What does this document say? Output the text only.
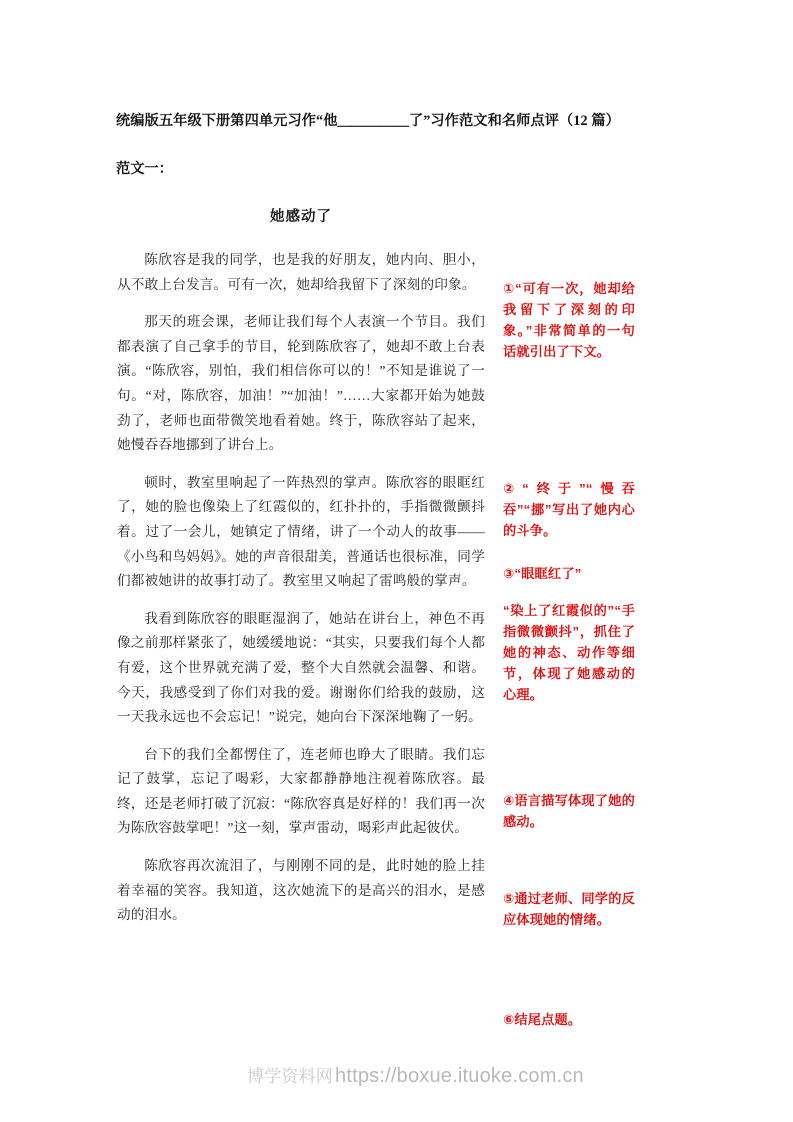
统编版五年级下册第四单元习作“他＿＿＿＿＿了”习作范文和名师点评（12 篇）
范文一：
她感动了

陈欣容是我的同学，也是我的好朋友，她内向、胆小，从不敢上台发言。可有一次，她却给我留下了深刻的印象。

那天的班会课，老师让我们每个人表演一个节目。我们都表演了自己拿手的节目，轮到陈欣容了，她却不敢上台表演。“陈欣容，别怕，我们相信你可以的！”不知是谁说了一句。“对，陈欣容，加油！”“加油！”……大家都开始为她鼓劲了，老师也面带微笑地看着她。终于，陈欣容站了起来，她慢吞吞地挪到了讲台上。

顿时，教室里响起了一阵热烈的掌声。陈欣容的眼眶红了，她的脸也像染上了红霞似的，红扑扑的，手指微微颤抖着。过了一会儿，她镇定了情绪，讲了一个动人的故事——《小鸟和鸟妈妈》。她的声音很甜美，普通话也很标准，同学们都被她讲的故事打动了。教室里又响起了雷鸣般的掌声。

我看到陈欣容的眼眶湿润了，她站在讲台上，神色不再像之前那样紧张了，她缓缓地说：“其实，只要我们每个人都有爱，这个世界就充满了爱，整个大自然就会温馨、和谐。今天，我感受到了你们对我的爱。谢谢你们给我的鼓励，这一天我永远也不会忘记！”说完，她向台下深深地鞠了一躬。

台下的我们全都愣住了，连老师也睁大了眼睛。我们忘记了鼓掌，忘记了喝彩，大家都静静地注视着陈欣容。最终，还是老师打破了沉寂：“陈欣容真是好样的！我们再一次为陈欣容鼓掌吧！”这一刻，掌声雷动，喝彩声此起彼伏。

陈欣容再次流泪了，与刚刚不同的是，此时她的脸上挂着幸福的笑容。我知道，这次她流下的是高兴的泪水，是感动的泪水。

①“可有一次，她却给我留下了深刻的印象。”非常简单的一句话就引出了下文。
②“终于”“慢吞吞”“挪”写出了她内心的斗争。
③“眼眶红了”
“染上了红霞似的”“手指微微颤抖”，抓住了她的神态、动作等细节，体现了她感动的心理。
④语言描写体现了她的感动。
⑤通过老师、同学的反应体现她的情绪。
⑥结尾点题。
博学资料网 https://boxue.ituoke.com.cn
